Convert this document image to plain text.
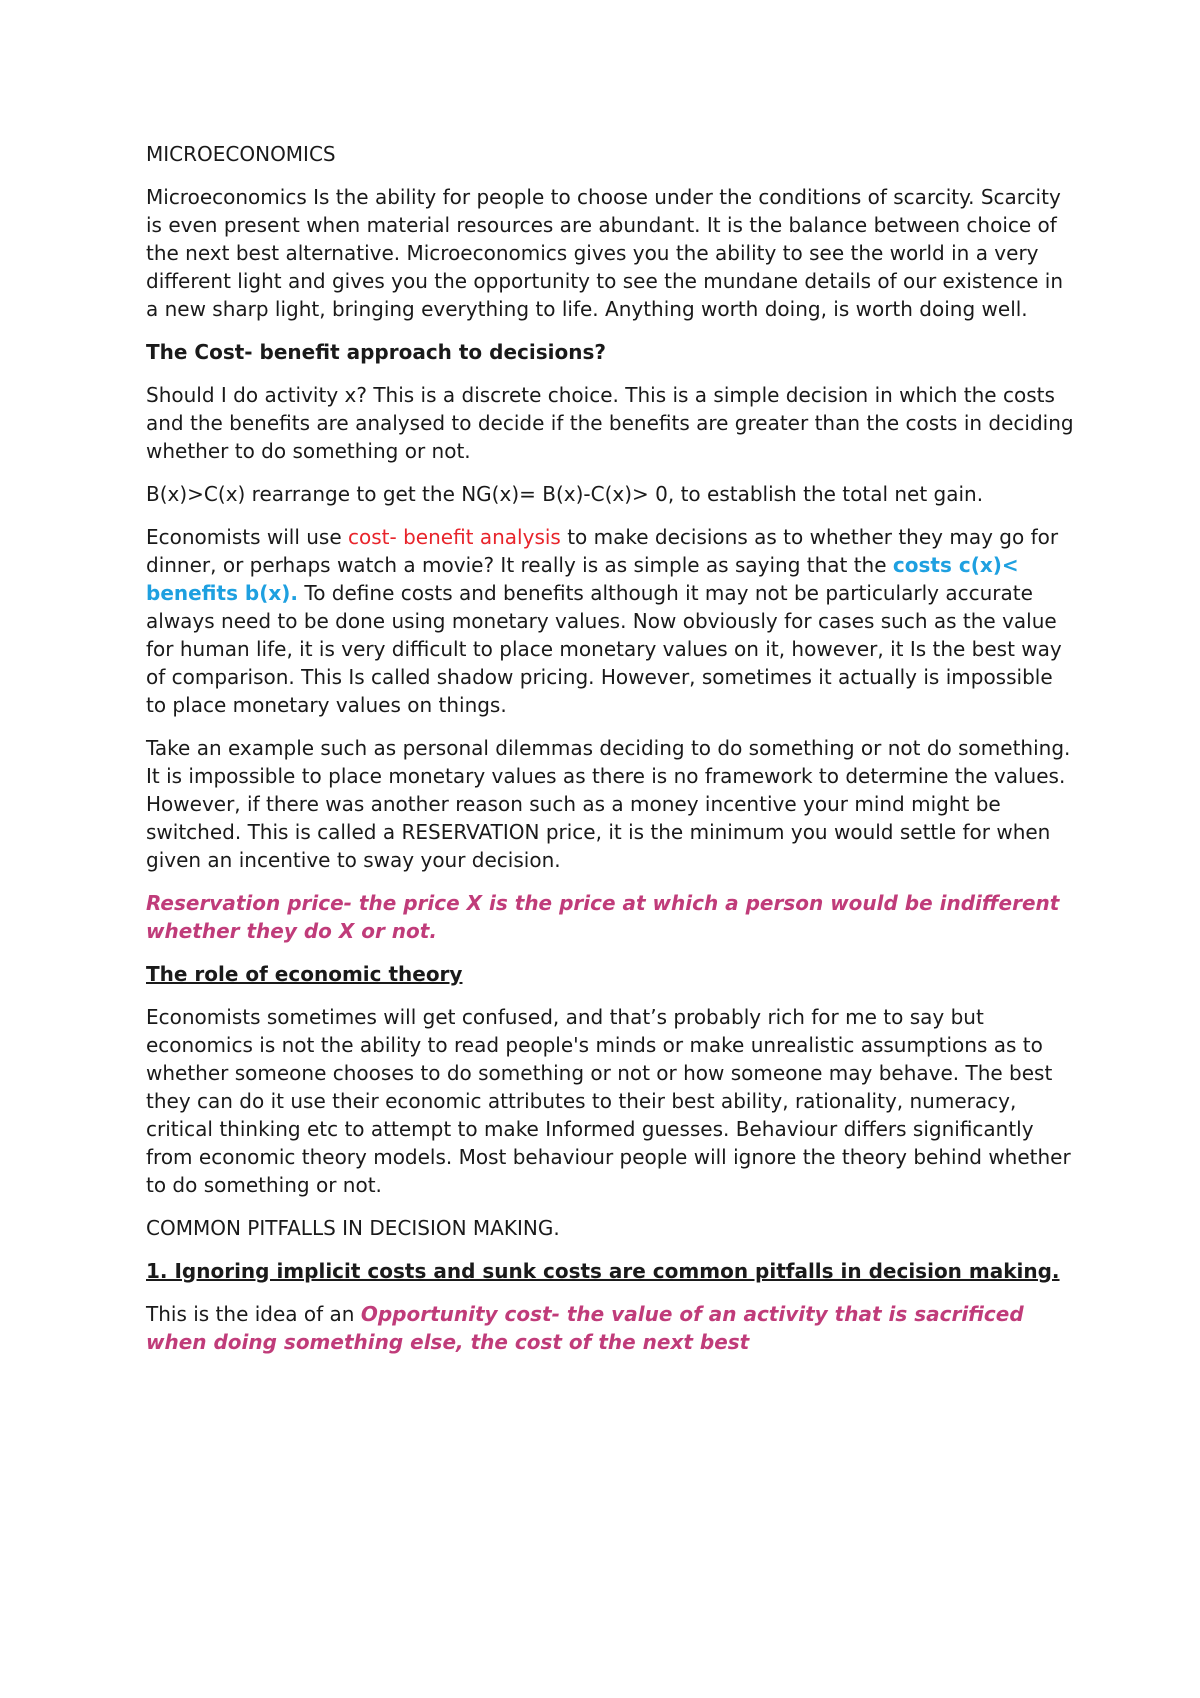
MICROECONOMICS

Microeconomics Is the ability for people to choose under the conditions of scarcity. Scarcity is even present when material resources are abundant. It is the balance between choice of the next best alternative. Microeconomics gives you the ability to see the world in a very different light and gives you the opportunity to see the mundane details of our existence in a new sharp light, bringing everything to life. Anything worth doing, is worth doing well.

The Cost- benefit approach to decisions?

Should I do activity x? This is a discrete choice. This is a simple decision in which the costs and the benefits are analysed to decide if the benefits are greater than the costs in deciding whether to do something or not.

B(x)>C(x) rearrange to get the NG(x)= B(x)-C(x)> 0, to establish the total net gain.

Economists will use cost- benefit analysis to make decisions as to whether they may go for dinner, or perhaps watch a movie? It really is as simple as saying that the costs c(x)< benefits b(x). To define costs and benefits although it may not be particularly accurate always need to be done using monetary values. Now obviously for cases such as the value for human life, it is very difficult to place monetary values on it, however, it Is the best way of comparison. This Is called shadow pricing. However, sometimes it actually is impossible to place monetary values on things.

Take an example such as personal dilemmas deciding to do something or not do something. It is impossible to place monetary values as there is no framework to determine the values. However, if there was another reason such as a money incentive your mind might be switched. This is called a RESERVATION price, it is the minimum you would settle for when given an incentive to sway your decision.

Reservation price- the price X is the price at which a person would be indifferent whether they do X or not.

The role of economic theory

Economists sometimes will get confused, and that’s probably rich for me to say but economics is not the ability to read people's minds or make unrealistic assumptions as to whether someone chooses to do something or not or how someone may behave. The best they can do it use their economic attributes to their best ability, rationality, numeracy, critical thinking etc to attempt to make Informed guesses. Behaviour differs significantly from economic theory models. Most behaviour people will ignore the theory behind whether to do something or not.

COMMON PITFALLS IN DECISION MAKING.

1. Ignoring implicit costs and sunk costs are common pitfalls in decision making.

This is the idea of an Opportunity cost- the value of an activity that is sacrificed when doing something else, the cost of the next best
